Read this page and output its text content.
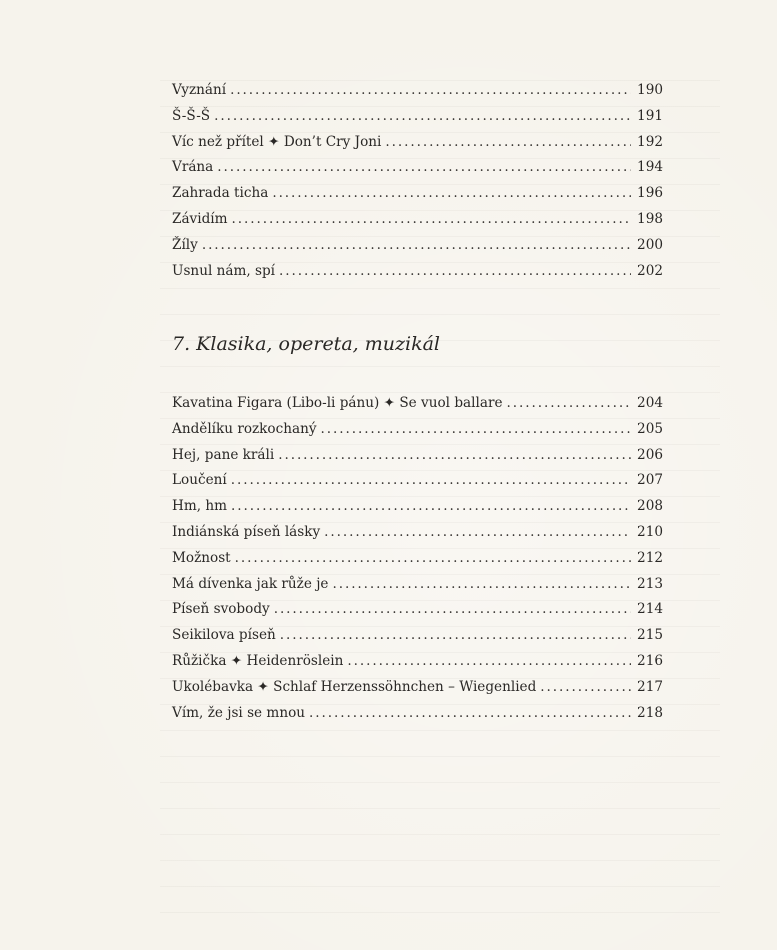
Vyznání . . .	190
Š-Š-Š . . .	191
Víc než přítel ✦ Don’t Cry Joni . . .	192
Vrána . . .	194
Zahrada ticha . . .	196
Závidím . . .	198
Žíly . . .	200
Usnul nám, spí . . .	202
7. Klasika, opereta, muzikál
Kavatina Figara (Libo-li pánu) ✦ Se vuol ballare . . .	204
Andělíku rozkochaný . . .	205
Hej, pane králi . . .	206
Loučení . . .	207
Hm, hm . . .	208
Indiánská píseň lásky . . .	210
Možnost . . .	212
Má dívenka jak růže je . . .	213
Píseň svobody . . .	214
Seikilova píseň . . .	215
Růžička ✦ Heidenröslein . . .	216
Ukolébavka ✦ Schlaf Herzenssöhnchen – Wiegenlied . . .	217
Vím, že jsi se mnou . . .	218
